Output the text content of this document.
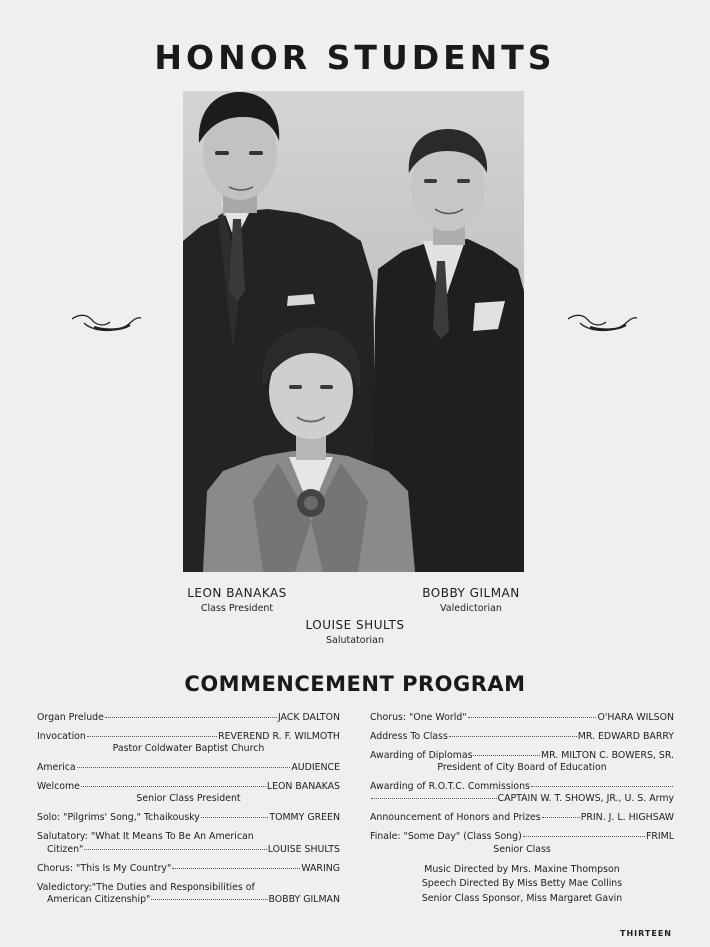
HONOR STUDENTS
LEON BANAKAS
Class President
BOBBY GILMAN
Valedictorian
LOUISE SHULTS
Salutatorian
COMMENCEMENT PROGRAM
Organ Prelude	JACK DALTON
Invocation	REVEREND R. F. WILMOTH
Pastor Coldwater Baptist Church
America	AUDIENCE
Welcome	LEON BANAKAS
Senior Class President
Solo: "Pilgrims' Song," Tchaikousky	TOMMY GREEN
Salutatory: "What It Means To Be An American
Citizen"	LOUISE SHULTS
Chorus: "This Is My Country"	WARING
Valedictory:"The Duties and Responsibilities of
American Citizenship"	BOBBY GILMAN
Chorus: "One World"	O'HARA WILSON
Address To Class	MR. EDWARD BARRY
Awarding of Diplomas	MR. MILTON C. BOWERS, SR.
President of City Board of Education
Awarding of R.O.T.C. Commissions
CAPTAIN W. T. SHOWS, JR., U. S. Army
Announcement of Honors and Prizes	PRIN. J. L. HIGHSAW
Finale: "Some Day" (Class Song)	FRIML
Senior Class
Music Directed by Mrs. Maxine Thompson
Speech Directed By Miss Betty Mae Collins
Senior Class Sponsor, Miss Margaret Gavin
THIRTEEN
